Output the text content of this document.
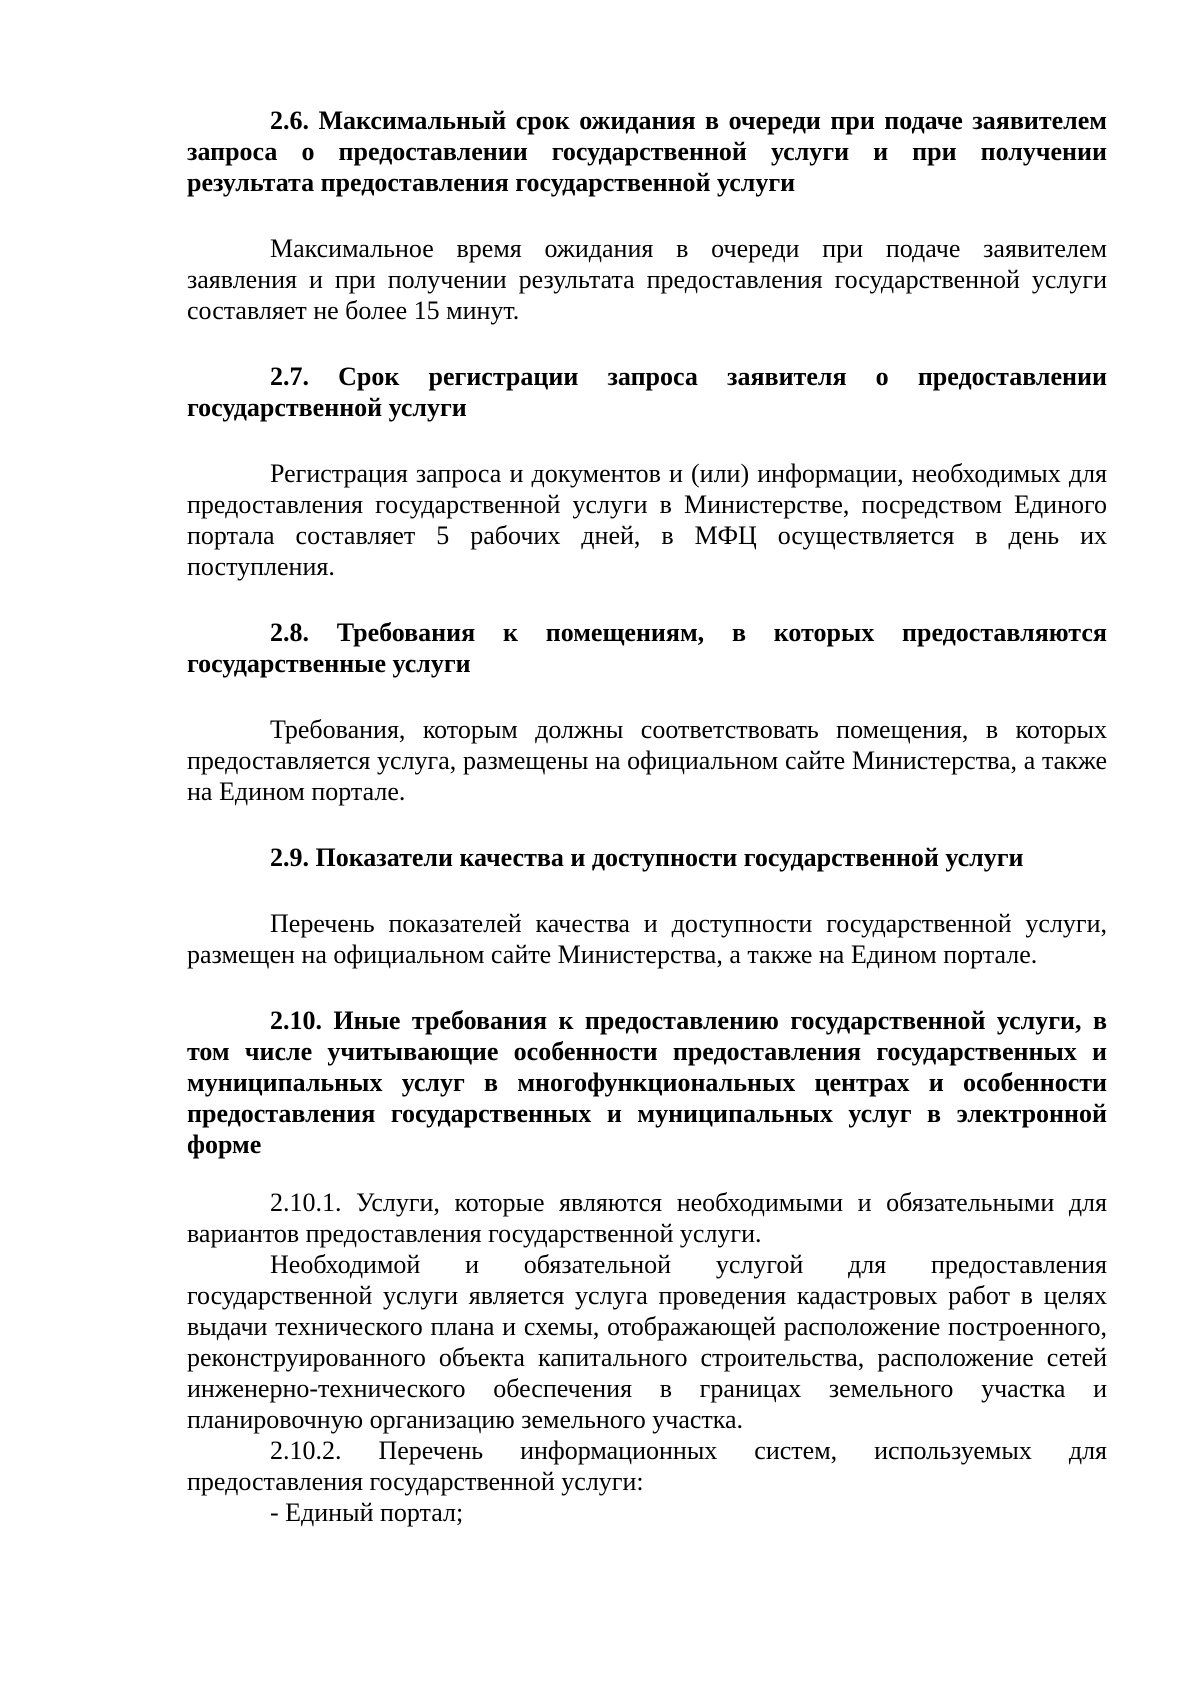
2.6. Максимальный срок ожидания в очереди при подаче заявителем запроса о предоставлении государственной услуги и при получении результата предоставления государственной услуги

Максимальное время ожидания в очереди при подаче заявителем заявления и при получении результата предоставления государственной услуги составляет не более 15 минут.

2.7. Срок регистрации запроса заявителя о предоставлении государственной услуги

Регистрация запроса и документов и (или) информации, необходимых для предоставления государственной услуги в Министерстве, посредством Единого портала составляет 5 рабочих дней, в МФЦ осуществляется в день их поступления.

2.8. Требования к помещениям, в которых предоставляются государственные услуги

Требования, которым должны соответствовать помещения, в которых предоставляется услуга, размещены на официальном сайте Министерства, а также на Едином портале.

2.9. Показатели качества и доступности государственной услуги

Перечень показателей качества и доступности государственной услуги, размещен на официальном сайте Министерства, а также на Едином портале.

2.10. Иные требования к предоставлению государственной услуги, в том числе учитывающие особенности предоставления государственных и муниципальных услуг в многофункциональных центрах и особенности предоставления государственных и муниципальных услуг в электронной форме

2.10.1. Услуги, которые являются необходимыми и обязательными для вариантов предоставления государственной услуги.

Необходимой и обязательной услугой для предоставления государственной услуги является услуга проведения кадастровых работ в целях выдачи технического плана и схемы, отображающей расположение построенного, реконструированного объекта капитального строительства, расположение сетей инженерно-технического обеспечения в границах земельного участка и планировочную организацию земельного участка.

2.10.2. Перечень информационных систем, используемых для предоставления государственной услуги:

- Единый портал;
